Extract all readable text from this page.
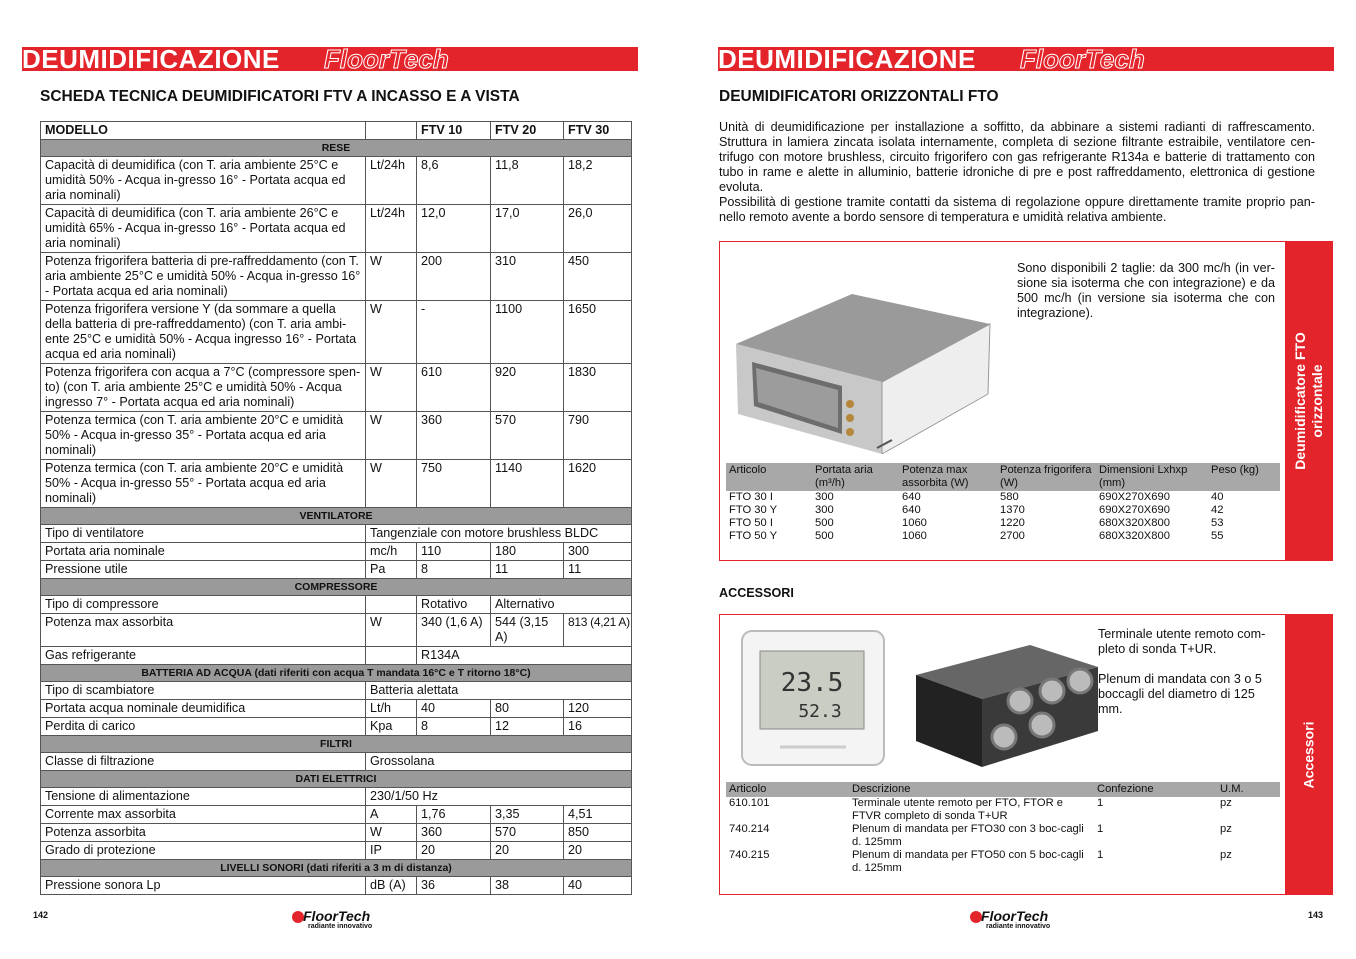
DEUMIDIFICAZIONE FloorTech
SCHEDA TECNICA DEUMIDIFICATORI FTV A INCASSO E A VISTA
MODELLO		FTV 10	FTV 20	FTV 30
RESE				
Capacità di deumidifica (con T. aria ambiente 25°C e umidità 50% - Acqua in-gresso 16° - Portata acqua ed aria nominali)	Lt/24h	8,6	11,8	18,2
Capacità di deumidifica (con T. aria ambiente 26°C e umidità 65% - Acqua in-gresso 16° - Portata acqua ed aria nominali)	Lt/24h	12,0	17,0	26,0
Potenza frigorifera batteria di pre-raffreddamento (con T. aria ambiente 25°C e umidità 50% - Acqua in-gresso 16° - Portata acqua ed aria nominali)	W	200	310	450
Potenza frigorifera versione Y (da sommare a quella della batteria di pre-raffreddamento) (con T. aria ambi-ente 25°C e umidità 50% - Acqua ingresso 16° - Portata acqua ed aria nominali)	W	-	1100	1650
Potenza frigorifera con acqua a 7°C (compressore spen-to) (con T. aria ambiente 25°C e umidità 50% - Acqua ingresso 7° - Portata acqua ed aria nominali)	W	610	920	1830
Potenza termica (con T. aria ambiente 20°C e umidità 50% - Acqua in-gresso 35° - Portata acqua ed aria nominali)	W	360	570	790
Potenza termica (con T. aria ambiente 20°C e umidità 50% - Acqua in-gresso 55° - Portata acqua ed aria nominali)	W	750	1140	1620
VENTILATORE				
Tipo di ventilatore	Tangenziale con motore brushless BLDC			
Portata aria nominale	mc/h	110	180	300
Pressione utile	Pa	8	11	11
COMPRESSORE				
Tipo di compressore		Rotativo	Alternativo	
Potenza max assorbita	W	340 (1,6 A)	544 (3,15 A)	813 (4,21 A)
Gas refrigerante		R134A		
BATTERIA AD ACQUA (dati riferiti con acqua T mandata 16°C e T ritorno 18°C)				
Tipo di scambiatore	Batteria alettata			
Portata acqua nominale deumidifica	Lt/h	40	80	120
Perdita di carico	Kpa	8	12	16
FILTRI				
Classe di filtrazione	Grossolana			
DATI ELETTRICI				
Tensione di alimentazione	230/1/50 Hz			
Corrente max assorbita	A	1,76	3,35	4,51
Potenza assorbita	W	360	570	850
Grado di protezione	IP	20	20	20
LIVELLI SONORI (dati riferiti a 3 m di distanza)				
Pressione sonora Lp	dB (A)	36	38	40
142	FloorTech
radiante innovativo
DEUMIDIFICAZIONE FloorTech
DEUMIDIFICATORI ORIZZONTALI FTO
Unità di deumidificazione per installazione a soffitto, da abbinare a sistemi radianti di raffrescamento. Struttura in lamiera zincata isolata internamente, completa di sezione filtrante estraibile, ventilatore cen-trifugo con motore brushless, circuito frigorifero con gas refrigerante R134a e batterie di trattamento con tubo in rame e alette in alluminio, batterie idroniche di pre e post raffreddamento, elettronica di gestione evoluta.
Possibilità di gestione tramite contatti da sistema di regolazione oppure direttamente tramite proprio pan-nello remoto avente a bordo sensore di temperatura e umidità relativa ambiente.
Sono disponibili 2 taglie: da 300 mc/h (in ver-sione sia isoterma che con integrazione) e da 500 mc/h (in versione sia isoterma che con integrazione).
Articolo	Portata aria (m³/h)	Potenza max assorbita (W)	Potenza frigorifera (W)	Dimensioni Lxhxp (mm)	Peso (kg)
FTO 30 I	300	640	580	690X270X690	40
FTO 30 Y	300	640	1370	690X270X690	42
FTO 50 I	500	1060	1220	680X320X800	53
FTO 50 Y	500	1060	2700	680X320X800	55
Deumidificatore FTO orizzontale
ACCESSORI
23.5
52.3

Terminale utente remoto com-pleto di sonda T+UR.

Plenum di mandata con 3 o 5 boccagli del diametro di 125 mm.

Articolo	Descrizione	Confezione	U.M.
610.101	Terminale utente remoto per FTO, FTOR e FTVR completo di sonda T+UR	1	pz
740.214	Plenum di mandata per FTO30 con 3 boc-cagli d. 125mm	1	pz
740.215	Plenum di mandata per FTO50 con 5 boc-cagli d. 125mm	1	pz
Accessori
143
FloorTech
radiante innovativo
